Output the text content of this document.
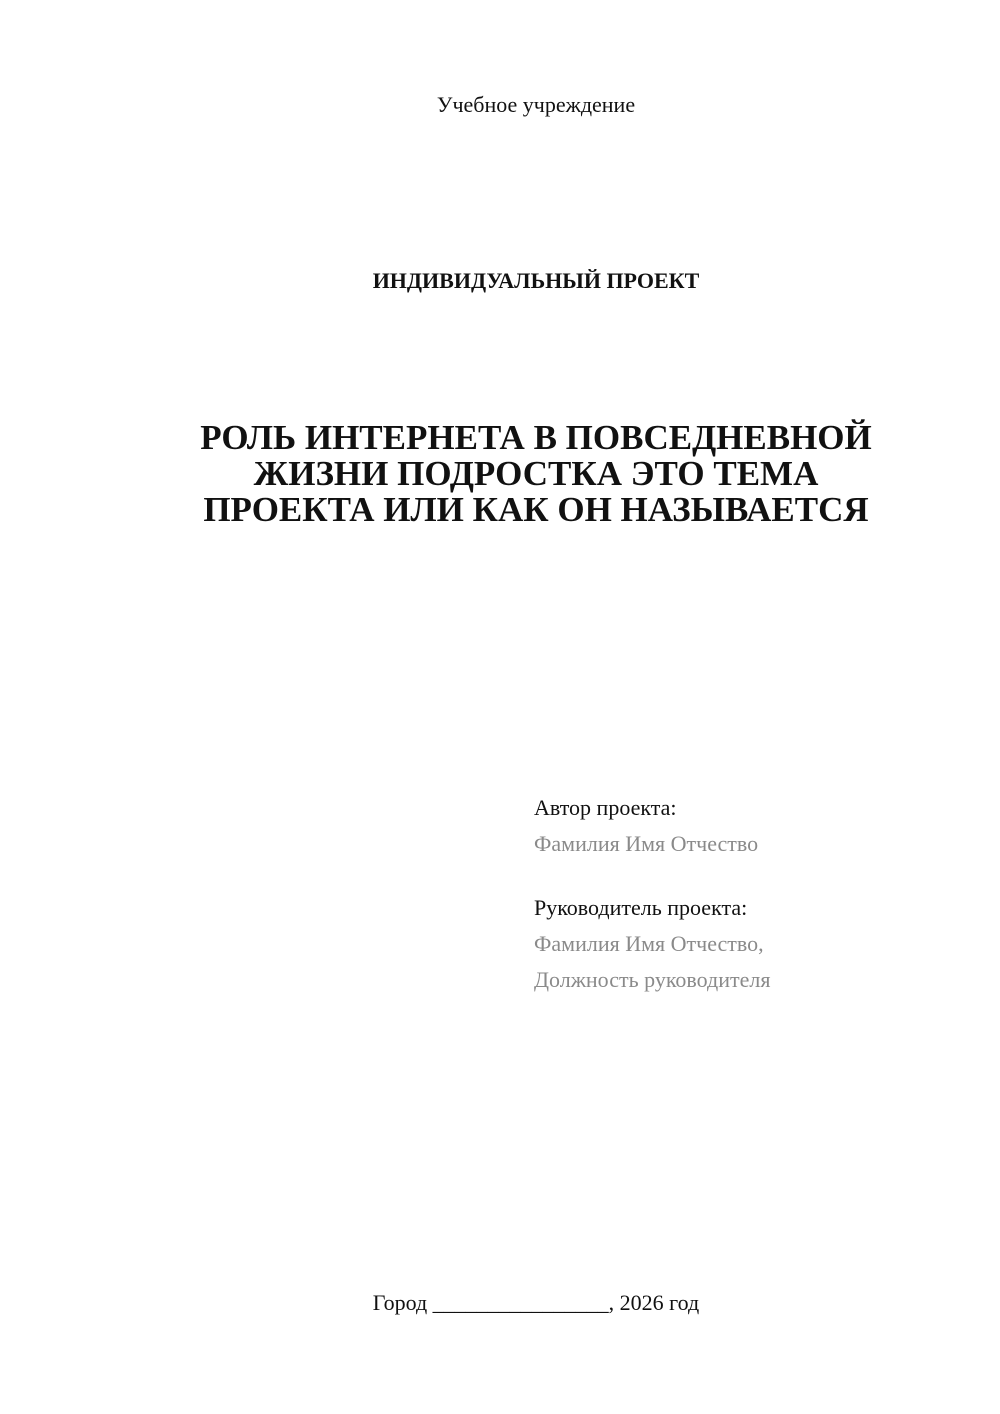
Учебное учреждение
ИНДИВИДУАЛЬНЫЙ ПРОЕКТ
РОЛЬ ИНТЕРНЕТА В ПОВСЕДНЕВНОЙ
ЖИЗНИ ПОДРОСТКА ЭТО ТЕМА
ПРОЕКТА ИЛИ КАК ОН НАЗЫВАЕТСЯ
Автор проекта:
Фамилия Имя Отчество
Руководитель проекта:
Фамилия Имя Отчество,
Должность руководителя
Город ________________, 2026 год
